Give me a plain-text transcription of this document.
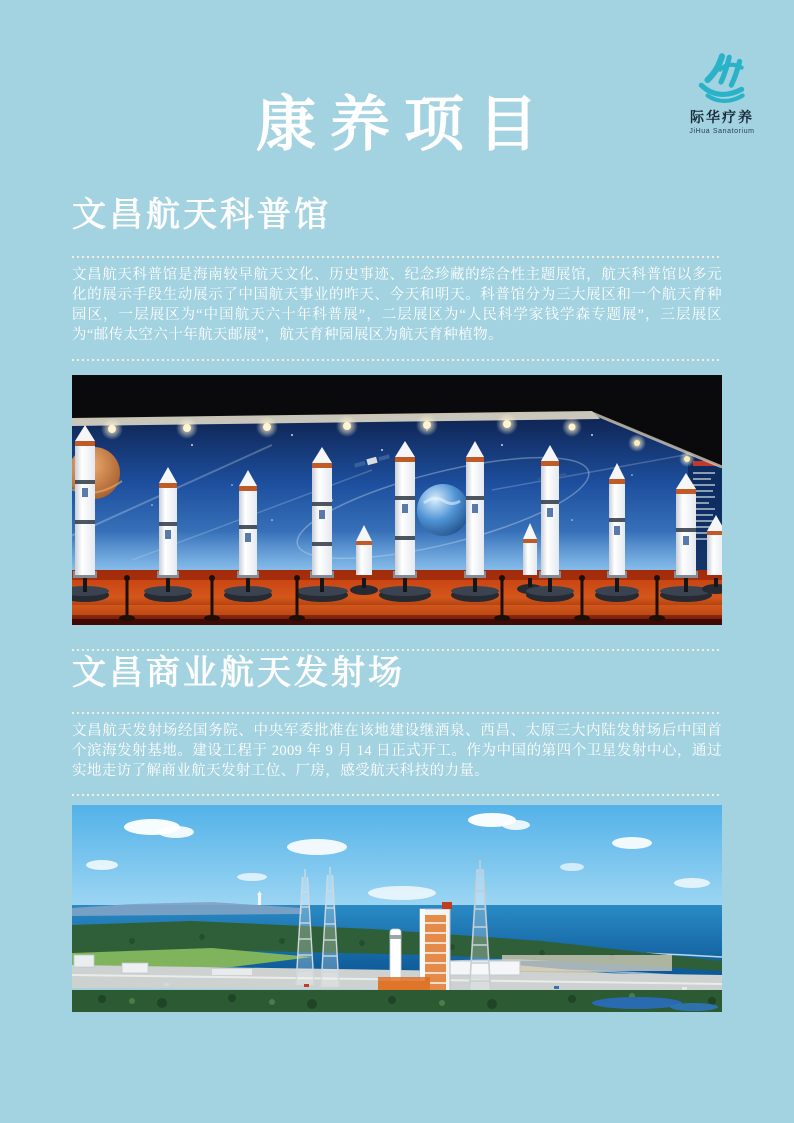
际华疗养
JiHua Sanatorium
康养项目
文昌航天科普馆
文昌航天科普馆是海南较早航天文化、历史事迹、纪念珍藏的综合性主题展馆，航天科普馆以多元化的展示手段生动展示了中国航天事业的昨天、今天和明天。科普馆分为三大展区和一个航天育种园区，一层展区为“中国航天六十年科普展”，二层展区为“人民科学家钱学森专题展”，三层展区为“邮传太空六十年航天邮展”，航天育种园展区为航天育种植物。
文昌商业航天发射场
文昌航天发射场经国务院、中央军委批准在该地建设继酒泉、西昌、太原三大内陆发射场后中国首个滨海发射基地。建设工程于 2009 年 9 月 14 日正式开工。作为中国的第四个卫星发射中心，通过实地走访了解商业航天发射工位、厂房，感受航天科技的力量。
